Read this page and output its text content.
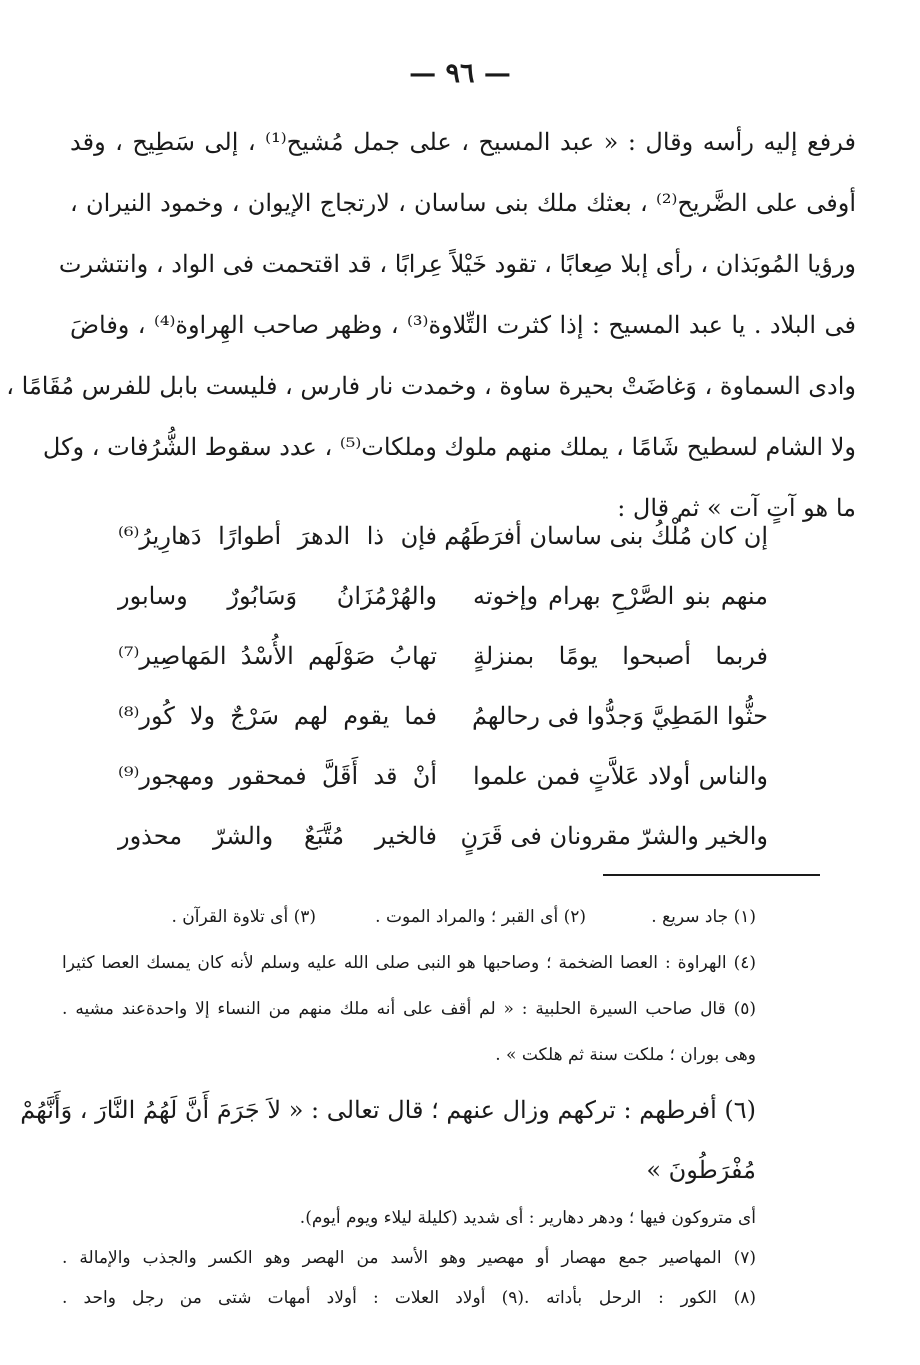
— ٩٦ —
فرفع إليه رأسه وقال : « عبد المسيح ، على جمل مُشيح⁽¹⁾ ، إلى سَطِيح ، وقد
أوفى على الضَّريح⁽²⁾ ، بعثك ملك بنى ساسان ، لارتجاج الإيوان ، وخمود النيران ،
ورؤيا المُوبَذان ، رأى إبلا صِعابًا ، تقود خَيْلاً عِرابًا ، قد اقتحمت فى الواد ، وانتشرت
فى البلاد . يا عبد المسيح : إذا كثرت التِّلاوة⁽³⁾ ، وظهر صاحب الهِراوة⁽⁴⁾ ، وفاضَ
وادى السماوة ، وَغاضَتْ بحيرة ساوة ، وخمدت نار فارس ، فليست بابل للفرس مُقَامًا ،
ولا الشام لسطيح شَامًا ، يملك منهم ملوك وملكات⁽⁵⁾ ، عدد سقوط الشُّرُفات ، وكل
ما هو آتٍ آت » ثم قال :
إن كان مُلْكُ بنى ساسان أفرَطَهُم
فإن ذا الدهرَ أطوارًا دَهارِيرُ⁽⁶⁾
منهم بنو الصَّرْحِ بهرام وإخوته
والهُرْمُزَانُ وَسَابُورٌ وسابور
فربما أصبحوا يومًا بمنزلةٍ
تهابُ صَوْلَهم الأُسْدُ المَهاصِير⁽⁷⁾
حثُّوا المَطِيَّ وَجدُّوا فى رحالهمُ
فما يقوم لهم سَرْجٌ ولا كُور⁽⁸⁾
والناس أولاد عَلاَّتٍ فمن علموا
أنْ قد أَقَلَّ فمحقور ومهجور⁽⁹⁾
والخير والشرّ مقرونان فى قَرَنٍ
فالخير مُتَّبَعٌ والشرّ محذور
(١) جاد سريع .
(٢) أى القبر ؛ والمراد الموت .
(٣) أى تلاوة القرآن .
(٤) الهراوة : العصا الضخمة ؛ وصاحبها هو النبى صلى الله عليه وسلم لأنه كان يمسك العصا كثيرا
(٥) قال صاحب السيرة الحلبية : « لم أقف على أنه ملك منهم من النساء إلا واحدة
عند مشيه .
وهى بوران ؛ ملكت سنة ثم هلكت » .
(٦) أفرطهم : تركهم وزال عنهم ؛ قال تعالى : « لاَ جَرَمَ أَنَّ لَهُمُ النَّارَ ، وَأَنَّهُمْ
مُفْرَطُونَ »
أى متروكون فيها ؛ ودهر دهارير : أى شديد (كليلة ليلاء ويوم أيوم).
(٧) المهاصير جمع مهصار أو مهصير وهو الأسد من الهصر وهو الكسر والجذب والإمالة .
(٨) الكور : الرحل بأداته .
(٩) أولاد العلات : أولاد أمهات شتى من رجل واحد .
